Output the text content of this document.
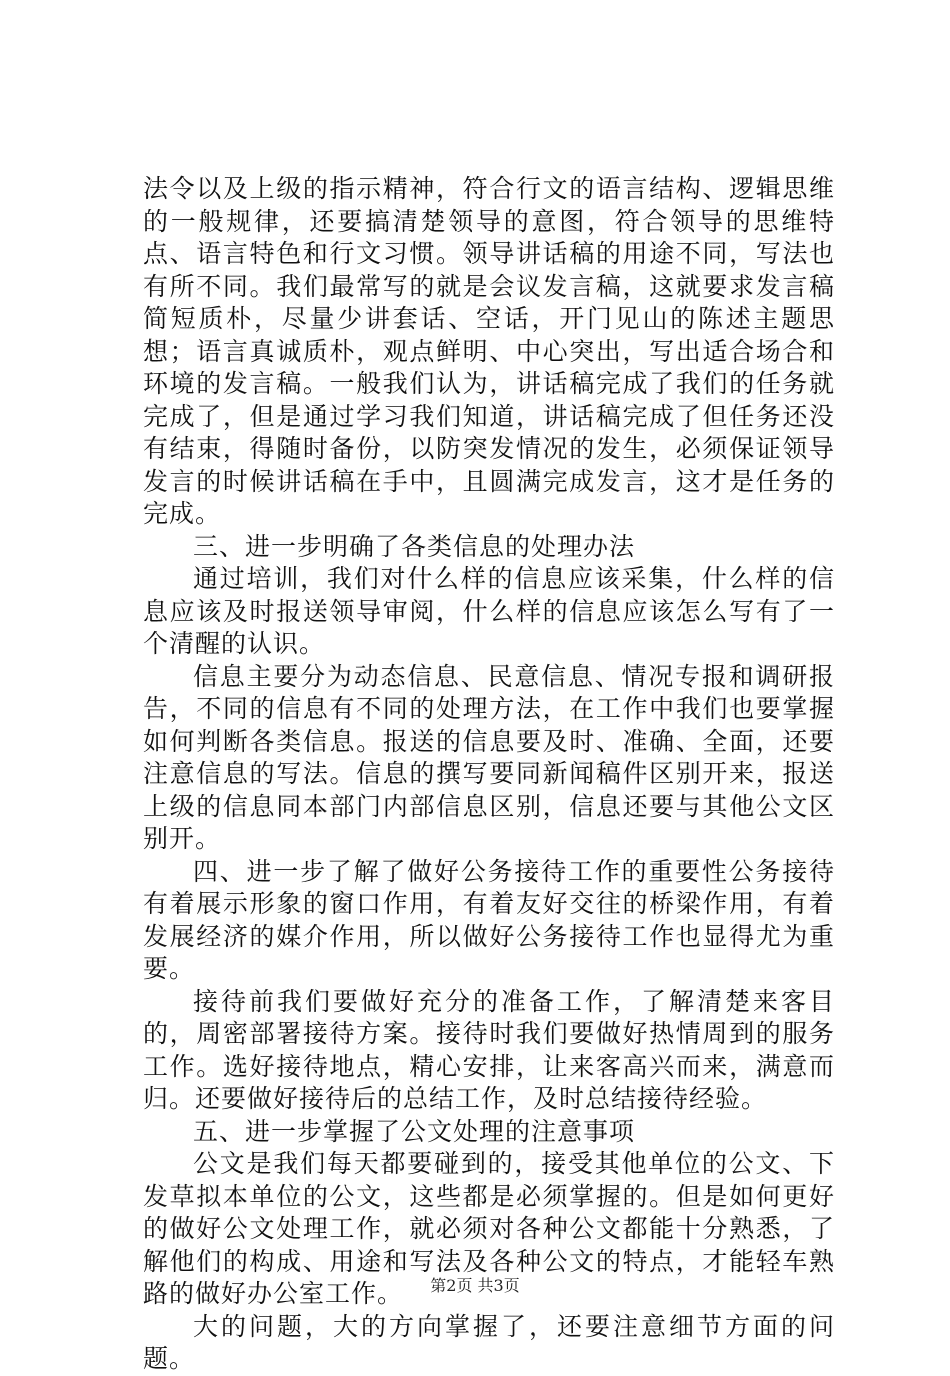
法令以及上级的指示精神，符合行文的语言结构、逻辑思维的一般规律，还要搞清楚领导的意图，符合领导的思维特点、语言特色和行文习惯。领导讲话稿的用途不同，写法也有所不同。我们最常写的就是会议发言稿，这就要求发言稿简短质朴，尽量少讲套话、空话，开门见山的陈述主题思想；语言真诚质朴，观点鲜明、中心突出，写出适合场合和环境的发言稿。一般我们认为，讲话稿完成了我们的任务就完成了，但是通过学习我们知道，讲话稿完成了但任务还没有结束，得随时备份，以防突发情况的发生，必须保证领导发言的时候讲话稿在手中，且圆满完成发言，这才是任务的完成。

三、进一步明确了各类信息的处理办法

通过培训，我们对什么样的信息应该采集，什么样的信息应该及时报送领导审阅，什么样的信息应该怎么写有了一个清醒的认识。

信息主要分为动态信息、民意信息、情况专报和调研报告，不同的信息有不同的处理方法，在工作中我们也要掌握如何判断各类信息。报送的信息要及时、准确、全面，还要注意信息的写法。信息的撰写要同新闻稿件区别开来，报送上级的信息同本部门内部信息区别，信息还要与其他公文区别开。

四、进一步了解了做好公务接待工作的重要性公务接待有着展示形象的窗口作用，有着友好交往的桥梁作用，有着发展经济的媒介作用，所以做好公务接待工作也显得尤为重要。

接待前我们要做好充分的准备工作，了解清楚来客目的，周密部署接待方案。接待时我们要做好热情周到的服务工作。选好接待地点，精心安排，让来客高兴而来，满意而归。还要做好接待后的总结工作，及时总结接待经验。

五、进一步掌握了公文处理的注意事项

公文是我们每天都要碰到的，接受其他单位的公文、下发草拟本单位的公文，这些都是必须掌握的。但是如何更好的做好公文处理工作，就必须对各种公文都能十分熟悉，了解他们的构成、用途和写法及各种公文的特点，才能轻车熟路的做好办公室工作。

大的问题，大的方向掌握了，还要注意细节方面的问题。

第2页 共3页
